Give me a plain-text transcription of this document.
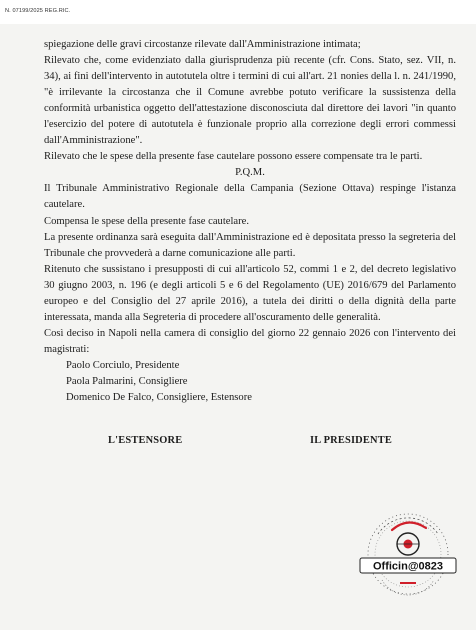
N. 07199/2025 REG.RIC.

spiegazione delle gravi circostanze rilevate dall'Amministrazione intimata;

Rilevato che, come evidenziato dalla giurisprudenza più recente (cfr. Cons. Stato, sez. VII, n. 34), ai fini dell'intervento in autotutela oltre i termini di cui all'art. 21 nonies della l. n. 241/1990, "è irrilevante la circostanza che il Comune avrebbe potuto verificare la sussistenza della conformità urbanistica oggetto dell'attestazione disconosciuta dal direttore dei lavori "in quanto l'esercizio del potere di autotutela è funzionale proprio alla correzione degli errori commessi dall'Amministrazione".

Rilevato che le spese della presente fase cautelare possono essere compensate tra le parti.

P.Q.M.

Il Tribunale Amministrativo Regionale della Campania (Sezione Ottava) respinge l'istanza cautelare.

Compensa le spese della presente fase cautelare.

La presente ordinanza sarà eseguita dall'Amministrazione ed è depositata presso la segreteria del Tribunale che provvederà a darne comunicazione alle parti.

Ritenuto che sussistano i presupposti di cui all'articolo 52, commi 1 e 2, del decreto legislativo 30 giugno 2003, n. 196 (e degli articoli 5 e 6 del Regolamento (UE) 2016/679 del Parlamento europeo e del Consiglio del 27 aprile 2016), a tutela dei diritti o della dignità della parte interessata, manda alla Segreteria di procedere all'oscuramento delle generalità.

Così deciso in Napoli nella camera di consiglio del giorno 22 gennaio 2026 con l'intervento dei magistrati:

Paolo Corciulo, Presidente
Paola Palmarini, Consigliere
Domenico De Falco, Consigliere, Estensore
L'ESTENSORE	IL PRESIDENTE
Officin@0823
